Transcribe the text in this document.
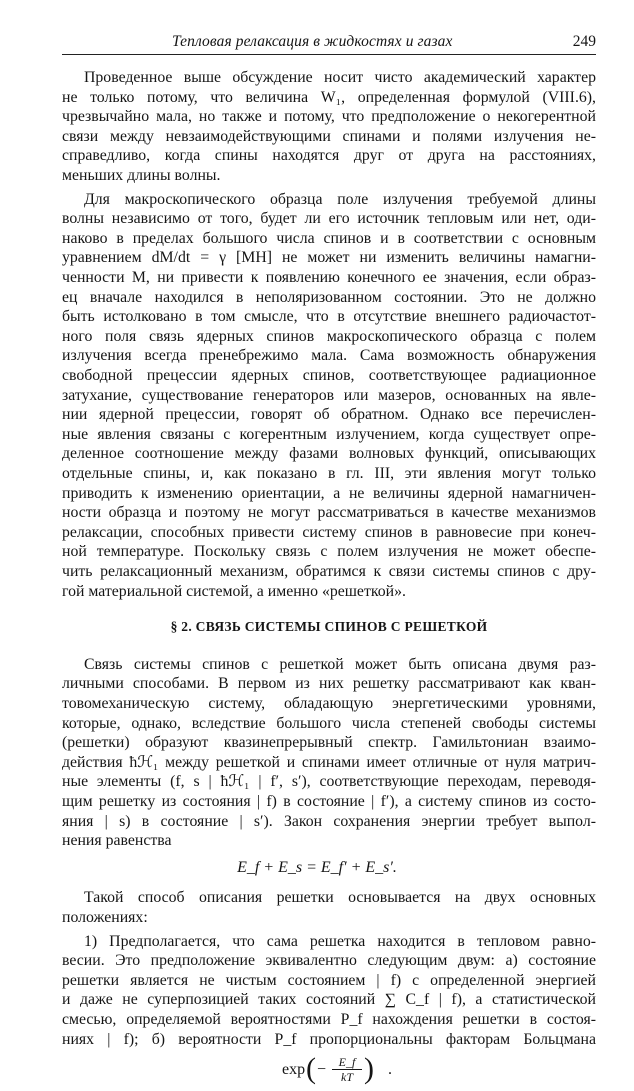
Тепловая релаксация в жидкостях и газах	249
Проведенное выше обсуждение носит чисто академический характер
не только потому, что величина W₁, определенная формулой (VIII.6),
чрезвычайно мала, но также и потому, что предположение о некогерентной
связи между невзаимодействующими спинами и полями излучения не-
справедливо, когда спины находятся друг от друга на расстояниях,
меньших длины волны.
Для макроскопического образца поле излучения требуемой длины
волны независимо от того, будет ли его источник тепловым или нет, оди-
наково в пределах большого числа спинов и в соответствии с основным
уравнением dM/dt = γ [MH] не может ни изменить величины намагни-
ченности M, ни привести к появлению конечного ее значения, если образ-
ец вначале находился в неполяризованном состоянии. Это не должно
быть истолковано в том смысле, что в отсутствие внешнего радиочастот-
ного поля связь ядерных спинов макроскопического образца с полем
излучения всегда пренебрежимо мала. Сама возможность обнаружения
свободной прецессии ядерных спинов, соответствующее радиационное
затухание, существование генераторов или мазеров, основанных на явле-
нии ядерной прецессии, говорят об обратном. Однако все перечислен-
ные явления связаны с когерентным излучением, когда существует опре-
деленное соотношение между фазами волновых функций, описывающих
отдельные спины, и, как показано в гл. III, эти явления могут только
приводить к изменению ориентации, а не величины ядерной намагничен-
ности образца и поэтому не могут рассматриваться в качестве механизмов
релаксации, способных привести систему спинов в равновесие при конеч-
ной температуре. Поскольку связь с полем излучения не может обеспе-
чить релаксационный механизм, обратимся к связи системы спинов с дру-
гой материальной системой, а именно «решеткой».
§ 2. СВЯЗЬ СИСТЕМЫ СПИНОВ С РЕШЕТКОЙ
Связь системы спинов с решеткой может быть описана двумя раз-
личными способами. В первом из них решетку рассматривают как кван-
товомеханическую систему, обладающую энергетическими уровнями,
которые, однако, вследствие большого числа степеней свободы системы
(решетки) образуют квазинепрерывный спектр. Гамильтониан взаимо-
действия ħℋ₁ между решеткой и спинами имеет отличные от нуля матрич-
ные элементы (f, s | ħℋ₁ | f′, s′), соответствующие переходам, переводя-
щим решетку из состояния | f) в состояние | f′), а систему спинов из состо-
яния | s) в состояние | s′). Закон сохранения энергии требует выпол-
нения равенства
E_f + E_s = E_f′ + E_s′.
Такой способ описания решетки основывается на двух основных
положениях:
1) Предполагается, что сама решетка находится в тепловом равно-
весии. Это предположение эквивалентно следующим двум: а) состояние
решетки является не чистым состоянием | f) с определенной энергией
и даже не суперпозицией таких состояний ∑ C_f | f), а статистической
смесью, определяемой вероятностями P_f нахождения решетки в состоя-
ниях | f); б) вероятности P_f пропорциональны факторам Больцмана
exp ( − $\frac{E\_f}{kT}$ ) .
